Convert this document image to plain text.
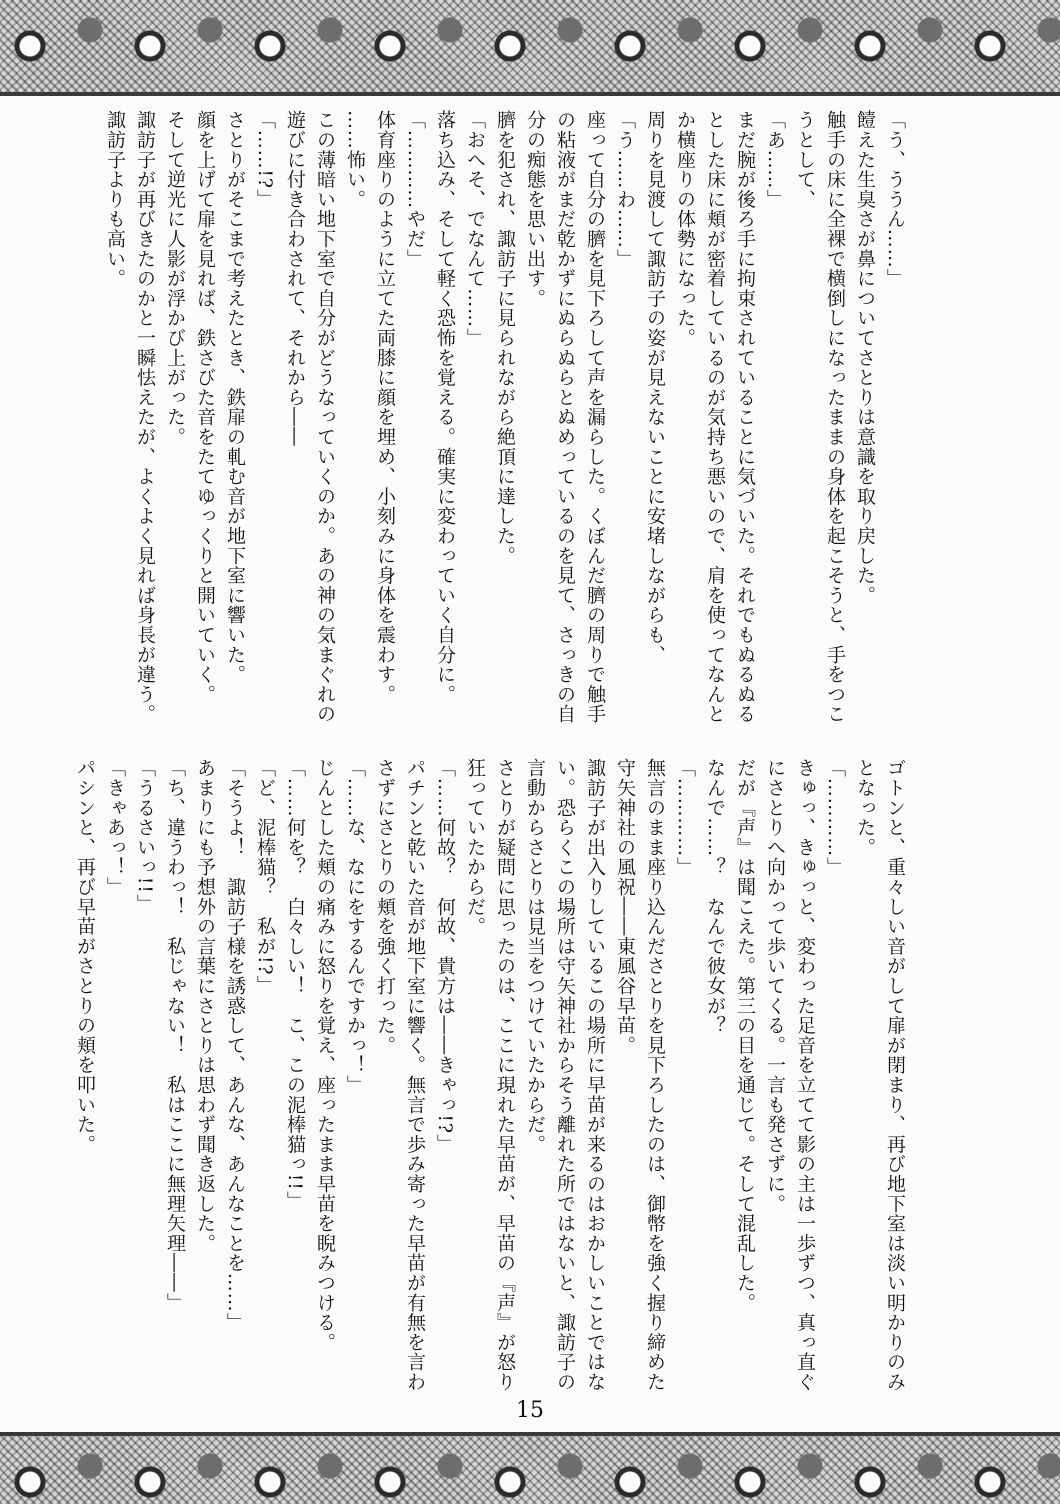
「う、ううん……」

饐えた生臭さが鼻についてさとりは意識を取り戻した。

触手の床に全裸で横倒しになったままの身体を起こそうと、手をつこうとして、

「あ……」

まだ腕が後ろ手に拘束されていることに気づいた。それでもぬるぬるとした床に頬が密着しているのが気持ち悪いので、肩を使ってなんとか横座りの体勢になった。

周りを見渡して諏訪子の姿が見えないことに安堵しながらも、

「う……わ……」

座って自分の臍を見下ろして声を漏らした。くぼんだ臍の周りで触手の粘液がまだ乾かずにぬらぬらとぬめっているのを見て、さっきの自分の痴態を思い出す。

臍を犯され、諏訪子に見られながら絶頂に達した。

「おへそ、でなんて……」

落ち込み、そして軽く恐怖を覚える。確実に変わっていく自分に。

「…………やだ」

体育座りのように立てた両膝に顔を埋め、小刻みに身体を震わす。

……怖い。

この薄暗い地下室で自分がどうなっていくのか。あの神の気まぐれの遊びに付き合わされて、それから――

「……!?」

さとりがそこまで考えたとき、鉄扉の軋む音が地下室に響いた。

顔を上げて扉を見れば、鉄さびた音をたてゆっくりと開いていく。

そして逆光に人影が浮かび上がった。

諏訪子が再びきたのかと一瞬怯えたが、よくよく見れば身長が違う。諏訪子よりも高い。

ゴトンと、重々しい音がして扉が閉まり、再び地下室は淡い明かりのみとなった。

「…………」

きゅっ、きゅっと、変わった足音を立てて影の主は一歩ずつ、真っ直ぐにさとりへ向かって歩いてくる。一言も発さずに。

だが『声』は聞こえた。第三の目を通じて。そして混乱した。

なんで……？　なんで彼女が？

「…………」

無言のまま座り込んださとりを見下ろしたのは、御幣を強く握り締めた守矢神社の風祝――東風谷早苗。

諏訪子が出入りしているこの場所に早苗が来るのはおかしいことではない。恐らくこの場所は守矢神社からそう離れた所ではないと、諏訪子の言動からさとりは見当をつけていたからだ。

さとりが疑問に思ったのは、ここに現れた早苗が、早苗の『声』が怒り狂っていたからだ。

「……何故？　何故、貴方は――きゃっ!?」

パチンと乾いた音が地下室に響く。無言で歩み寄った早苗が有無を言わさずにさとりの頬を強く打った。

「……な、なにをするんですかっ！」

じんとした頬の痛みに怒りを覚え、座ったまま早苗を睨みつける。

「……何を？　白々しい！　こ、この泥棒猫っ!!」

「ど、泥棒猫？　私が!?」

「そうよ！　諏訪子様を誘惑して、あんな、あんなことを……」

あまりにも予想外の言葉にさとりは思わず聞き返した。

「ち、違うわっ！　私じゃない！　私はここに無理矢理――」

「うるさいっ!!」

「きゃあっ！」

パシンと、再び早苗がさとりの頬を叩いた。

15
